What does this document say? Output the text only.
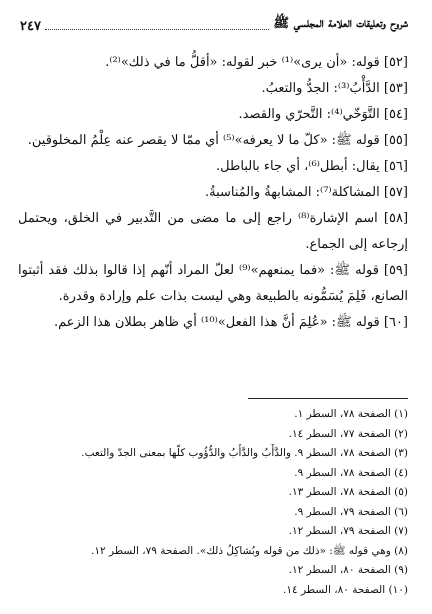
شروح وتعليقات العلامة المجلسي ﷺ
٢٤٧

[٥٢] قوله: «أن يرى»⁽¹⁾ خبر لقوله: «أقلُّ ما في ذلك»⁽²⁾.

[٥٣] الدَّأْبُ⁽³⁾: الجدُّ والتعبُ.

[٥٤] التَّوَخّي⁽⁴⁾: التَّحرّي والقصد.

[٥٥] قوله ﷺ: «كلّ ما لا يعرفه»⁽⁵⁾ أي ممّا لا يقصر عنه عِلْمُ المخلوقين.

[٥٦] يقال: أبطل⁽⁶⁾، أي جاء بالباطل.

[٥٧] المشاكلة⁽⁷⁾: المشابهةُ والمُناسبةُ.

[٥٨] اسم الإشارة⁽⁸⁾ راجع إلى ما مضى من التَّدبير في الخلق، ويحتمل إرجاعه إلى الجماع.

[٥٩] قوله ﷺ: «فما يمنعهم»⁽⁹⁾ لعلّ المراد أنّهم إذا قالوا بذلك فقد أثبتوا الصانع، فَلِمَ يُسَمُّونه بالطبيعة وهي ليست بذات علم وإرادة وقدرة.

[٦٠] قوله ﷺ: «عُلِمَ أنَّ هذا الفعل»⁽¹⁰⁾ أي ظاهر بطلان هذا الزعم.

(١) الصفحة ٧٨، السطر ١.

(٢) الصفحة ٧٧، السطر ١٤.

(٣) الصفحة ٧٨، السطر ٩. والدَّأْبُ والدَّأَبُ والدُّؤُوب كلّها بمعنى الجدّ والتعب.

(٤) الصفحة ٧٨، السطر ٩.

(٥) الصفحة ٧٨، السطر ١٣.

(٦) الصفحة ٧٩، السطر ٩.

(٧) الصفحة ٧٩، السطر ١٢.

(٨) وهي قوله ﷺ: «ذلك من قوله وبُشاكِلُ ذلك». الصفحة ٧٩، السطر ١٢.

(٩) الصفحة ٨٠، السطر ١٢.

(١٠) الصفحة ٨٠، السطر ١٤.
